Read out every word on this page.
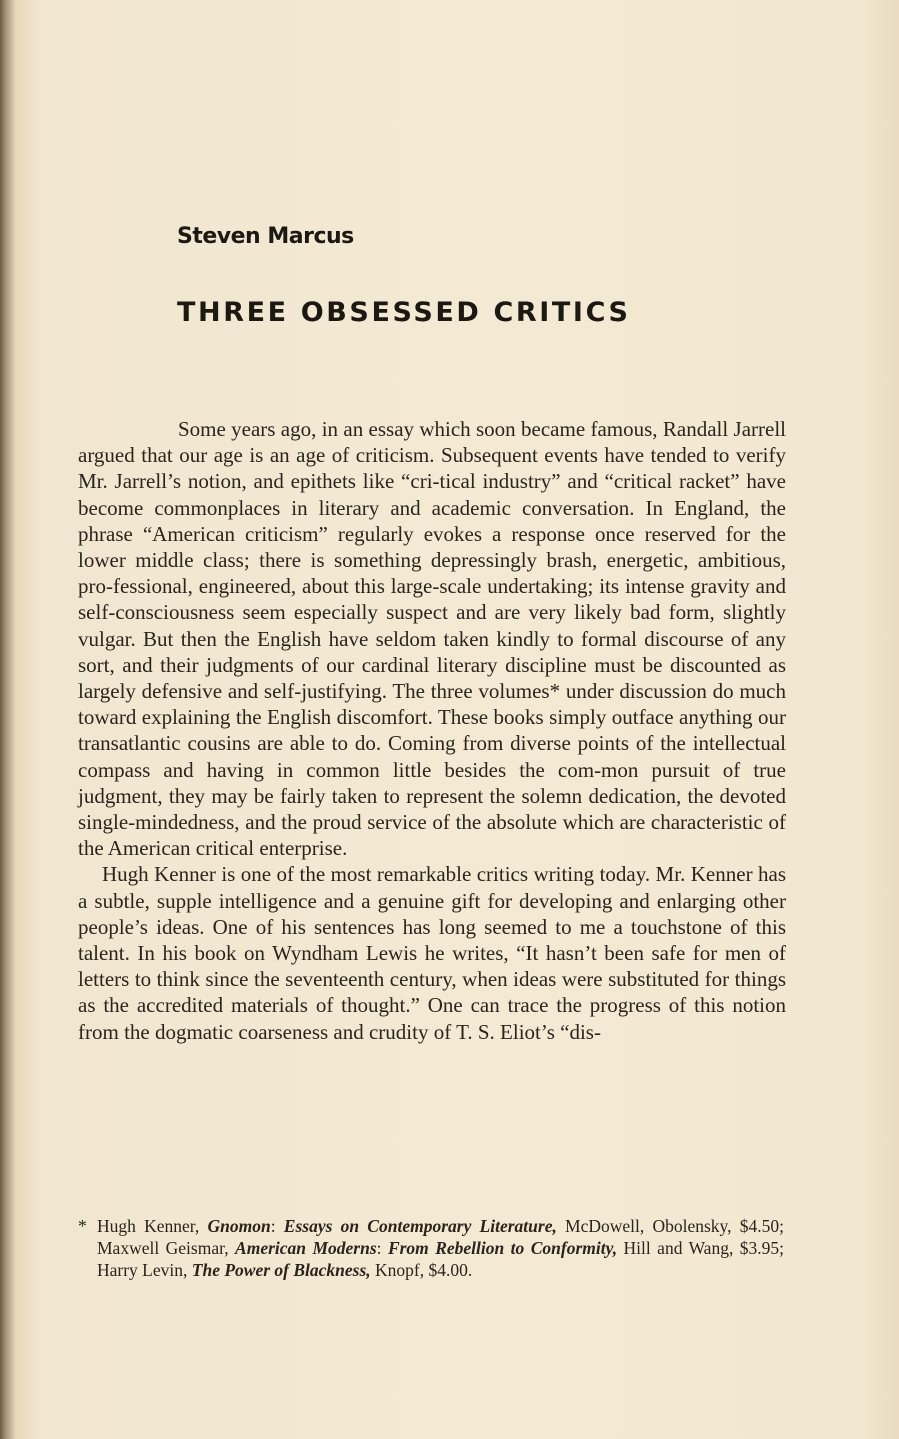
Steven Marcus
THREE OBSESSED CRITICS

Some years ago, in an essay which soon became famous, Randall Jarrell argued that our age is an age of criticism. Subsequent events have tended to verify Mr. Jarrell’s notion, and epithets like “cri-tical industry” and “critical racket” have become commonplaces in literary and academic conversation. In England, the phrase “American criticism” regularly evokes a response once reserved for the lower middle class; there is something depressingly brash, energetic, ambitious, pro-fessional, engineered, about this large-scale undertaking; its intense gravity and self-consciousness seem especially suspect and are very likely bad form, slightly vulgar. But then the English have seldom taken kindly to formal discourse of any sort, and their judgments of our cardinal literary discipline must be discounted as largely defensive and self-justifying. The three volumes* under discussion do much toward explaining the English discomfort. These books simply outface anything our transatlantic cousins are able to do. Coming from diverse points of the intellectual compass and having in common little besides the com-mon pursuit of true judgment, they may be fairly taken to represent the solemn dedication, the devoted single-mindedness, and the proud service of the absolute which are characteristic of the American critical enterprise.

Hugh Kenner is one of the most remarkable critics writing today. Mr. Kenner has a subtle, supple intelligence and a genuine gift for developing and enlarging other people’s ideas. One of his sentences has long seemed to me a touchstone of this talent. In his book on Wyndham Lewis he writes, “It hasn’t been safe for men of letters to think since the seventeenth century, when ideas were substituted for things as the accredited materials of thought.” One can trace the progress of this notion from the dogmatic coarseness and crudity of T. S. Eliot’s “dis-

* Hugh Kenner, Gnomon: Essays on Contemporary Literature, McDowell, Obolensky, $4.50; Maxwell Geismar, American Moderns: From Rebellion to Conformity, Hill and Wang, $3.95; Harry Levin, The Power of Blackness, Knopf, $4.00.
